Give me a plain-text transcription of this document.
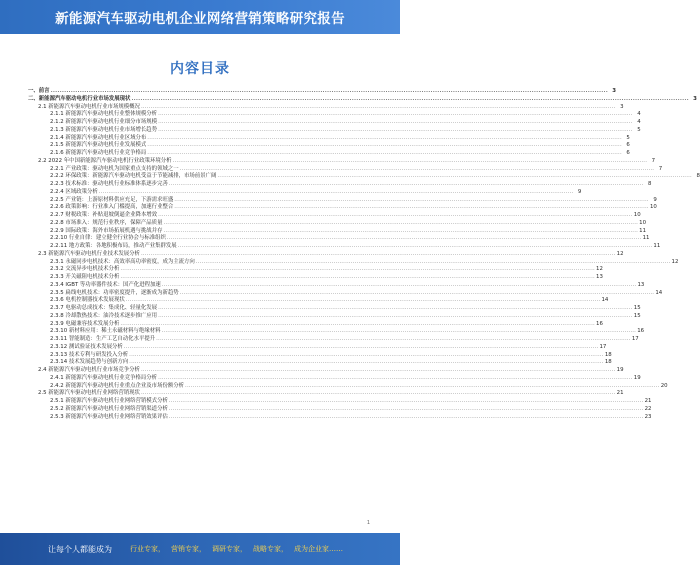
新能源汽车驱动电机企业网络营销策略研究报告
内容目录
一、前言 .....	3
二、新能源汽车驱动电机行业市场发展现状 .....	3
2.1 新能源汽车驱动电机行业市场规模概况 .....	3
2.1.1 新能源汽车驱动电机行业整体规模分析 .....	4
2.1.2 新能源汽车驱动电机行业细分市场规模 .....	4
2.1.3 新能源汽车驱动电机行业市场增长趋势 .....	5
2.1.4 新能源汽车驱动电机行业区域分布 .....	5
2.1.5 新能源汽车驱动电机行业发展模式 .....	6
2.1.6 新能源汽车驱动电机行业竞争格局 .....	6
2.2 2022 年中国新能源汽车驱动电机行业政策环境分析 .....	7
2.2.1 产业政策：驱动电机为国家重点支持的领域之一 .....	7
2.2.2 环保政策：新能源汽车驱动电机受益于节能减排，市场前景广阔 .....	8
2.2.3 技术标准：驱动电机行业标准体系逐步完善 .....	8
2.2.4 区域政策分析 .....	9
2.2.5 产业链：上游原材料供应充足，下游需求旺盛 .....	9
2.2.6 政策影响：行业准入门槛提高，加速行业整合 .....	10
2.2.7 财税政策：补贴退坡倒逼企业降本增效 .....	10
2.2.8 市场准入：规范行业秩序，保障产品质量 .....	10
2.2.9 国际政策：海外市场拓展机遇与挑战并存 .....	11
2.2.10 行业自律：建立健全行业协会与标准组织 .....	11
2.2.11 地方政策：各地积极布局，推动产业集群发展 .....	11
2.3 新能源汽车驱动电机行业技术发展分析 .....	12
2.3.1 永磁同步电机技术：高效率高功率密度，成为主流方向 .....	12
2.3.2 交流异步电机技术分析 .....	12
2.3.3 开关磁阻电机技术分析 .....	13
2.3.4 IGBT 等功率器件技术：国产化进程加速 .....	13
2.3.5 扁线电机技术：功率密度提升，逐渐成为新趋势 .....	14
2.3.6 电机控制器技术发展现状 .....	14
2.3.7 电驱动总成技术：集成化、轻量化发展 .....	15
2.3.8 冷却散热技术：油冷技术逐步推广应用 .....	15
2.3.9 电磁兼容技术发展分析 .....	16
2.3.10 新材料应用：稀土永磁材料与绝缘材料 .....	16
2.3.11 智能制造：生产工艺自动化水平提升 .....	17
2.3.12 测试验证技术发展分析 .....	17
2.3.13 技术专利与研发投入分析 .....	18
2.3.14 技术发展趋势与创新方向 .....	18
2.4 新能源汽车驱动电机行业市场竞争分析 .....	19
2.4.1 新能源汽车驱动电机行业竞争格局分析 .....	19
2.4.2 新能源汽车驱动电机行业重点企业及市场份额分析 .....	20
2.5 新能源汽车驱动电机行业网络营销现状 .....	21
2.5.1 新能源汽车驱动电机行业网络营销模式分析 .....	21
2.5.2 新能源汽车驱动电机行业网络营销渠道分析 .....	22
2.5.3 新能源汽车驱动电机行业网络营销效果评估 .....	23
1
让每个人都能成为	行业专家， 营销专家， 调研专家， 战略专家， 成为企业家……
